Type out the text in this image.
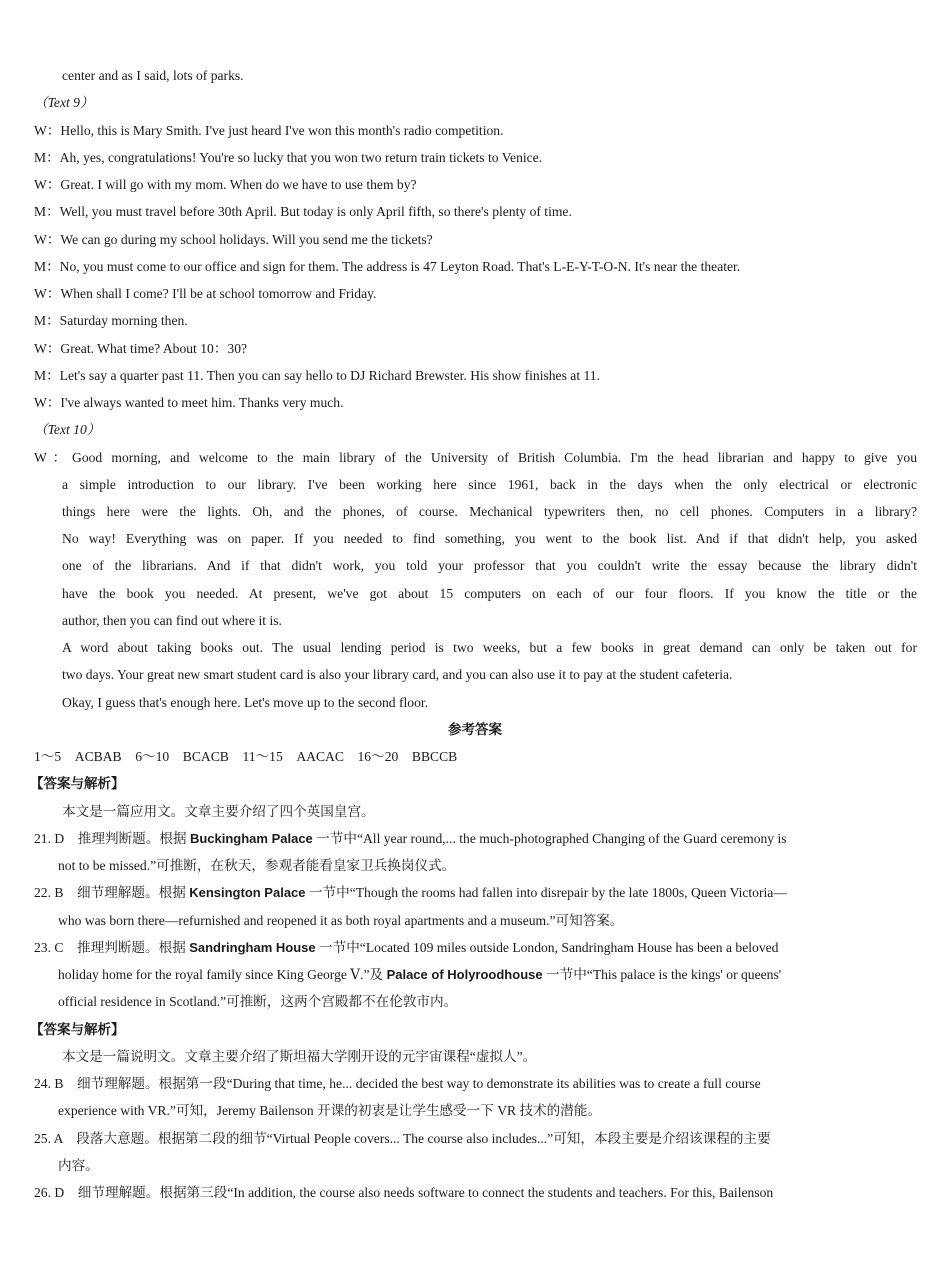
center and as I said, lots of parks.
（Text 9）
W：Hello, this is Mary Smith. I've just heard I've won this month's radio competition.
M：Ah, yes, congratulations! You're so lucky that you won two return train tickets to Venice.
W：Great. I will go with my mom. When do we have to use them by?
M：Well, you must travel before 30th April. But today is only April fifth, so there's plenty of time.
W：We can go during my school holidays. Will you send me the tickets?
M：No, you must come to our office and sign for them. The address is 47 Leyton Road. That's L-E-Y-T-O-N. It's near the theater.
W：When shall I come? I'll be at school tomorrow and Friday.
M：Saturday morning then.
W：Great. What time? About 10：30?
M：Let's say a quarter past 11. Then you can say hello to DJ Richard Brewster. His show finishes at 11.
W：I've always wanted to meet him. Thanks very much.
（Text 10）
W：Good morning, and welcome to the main library of the University of British Columbia. I'm the head librarian and happy to give you
a simple introduction to our library. I've been working here since 1961, back in the days when the only electrical or electronic
things here were the lights. Oh, and the phones, of course. Mechanical typewriters then, no cell phones. Computers in a library?
No way! Everything was on paper. If you needed to find something, you went to the book list. And if that didn't help, you asked
one of the librarians. And if that didn't work, you told your professor that you couldn't write the essay because the library didn't
have the book you needed. At present, we've got about 15 computers on each of our four floors. If you know the title or the
author, then you can find out where it is.
A word about taking books out. The usual lending period is two weeks, but a few books in great demand can only be taken out for
two days. Your great new smart student card is also your library card, and you can also use it to pay at the student cafeteria.
Okay, I guess that's enough here. Let's move up to the second floor.
参考答案
1～5　ACBAB　6～10　BCACB　11～15　AACAC　16～20　BBCCB
【答案与解析】
本文是一篇应用文。文章主要介绍了四个英国皇宫。
21. D　推理判断题。根据 Buckingham Palace 一节中“All year round,... the much-photographed Changing of the Guard ceremony is
not to be missed.”可推断，在秋天，参观者能看皇家卫兵换岗仪式。
22. B　细节理解题。根据 Kensington Palace 一节中“Though the rooms had fallen into disrepair by the late 1800s, Queen Victoria—
who was born there—refurnished and reopened it as both royal apartments and a museum.”可知答案。
23. C　推理判断题。根据 Sandringham House 一节中“Located 109 miles outside London, Sandringham House has been a beloved
holiday home for the royal family since King George Ⅴ.”及 Palace of Holyroodhouse 一节中“This palace is the kings' or queens'
official residence in Scotland.”可推断，这两个宫殿都不在伦敦市内。
【答案与解析】
本文是一篇说明文。文章主要介绍了斯坦福大学刚开设的元宇宙课程“虚拟人”。
24. B　细节理解题。根据第一段“During that time, he... decided the best way to demonstrate its abilities was to create a full course
experience with VR.”可知，Jeremy Bailenson 开课的初衷是让学生感受一下 VR 技术的潜能。
25. A　段落大意题。根据第二段的细节“Virtual People covers... The course also includes...”可知，本段主要是介绍该课程的主要
内容。
26. D　细节理解题。根据第三段“In addition, the course also needs software to connect the students and teachers. For this, Bailenson
